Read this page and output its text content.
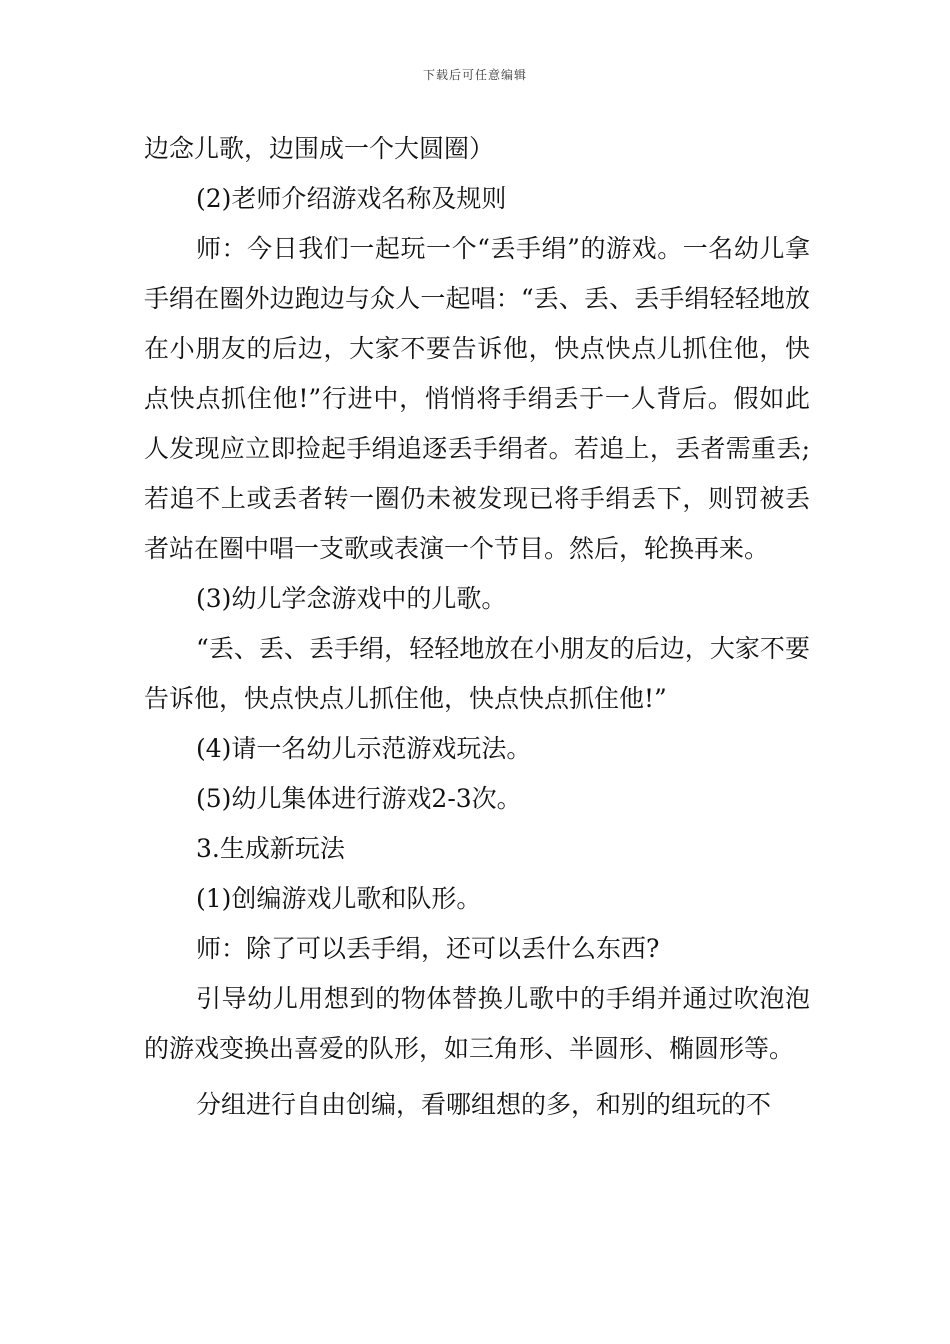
下载后可任意编辑

边念儿歌，边围成一个大圆圈）

(2)老师介绍游戏名称及规则

师：今日我们一起玩一个“丢手绢”的游戏。一名幼儿拿手绢在圈外边跑边与众人一起唱：“丢、丢、丢手绢轻轻地放在小朋友的后边，大家不要告诉他，快点快点儿抓住他，快点快点抓住他!”行进中，悄悄将手绢丢于一人背后。假如此人发现应立即捡起手绢追逐丢手绢者。若追上，丢者需重丢;若追不上或丢者转一圈仍未被发现已将手绢丢下，则罚被丢者站在圈中唱一支歌或表演一个节目。然后，轮换再来。

(3)幼儿学念游戏中的儿歌。

“丢、丢、丢手绢，轻轻地放在小朋友的后边，大家不要告诉他，快点快点儿抓住他，快点快点抓住他!”

(4)请一名幼儿示范游戏玩法。

(5)幼儿集体进行游戏2-3次。

3.生成新玩法

(1)创编游戏儿歌和队形。

师：除了可以丢手绢，还可以丢什么东西?

引导幼儿用想到的物体替换儿歌中的手绢并通过吹泡泡的游戏变换出喜爱的队形，如三角形、半圆形、椭圆形等。

分组进行自由创编，看哪组想的多，和别的组玩的不
